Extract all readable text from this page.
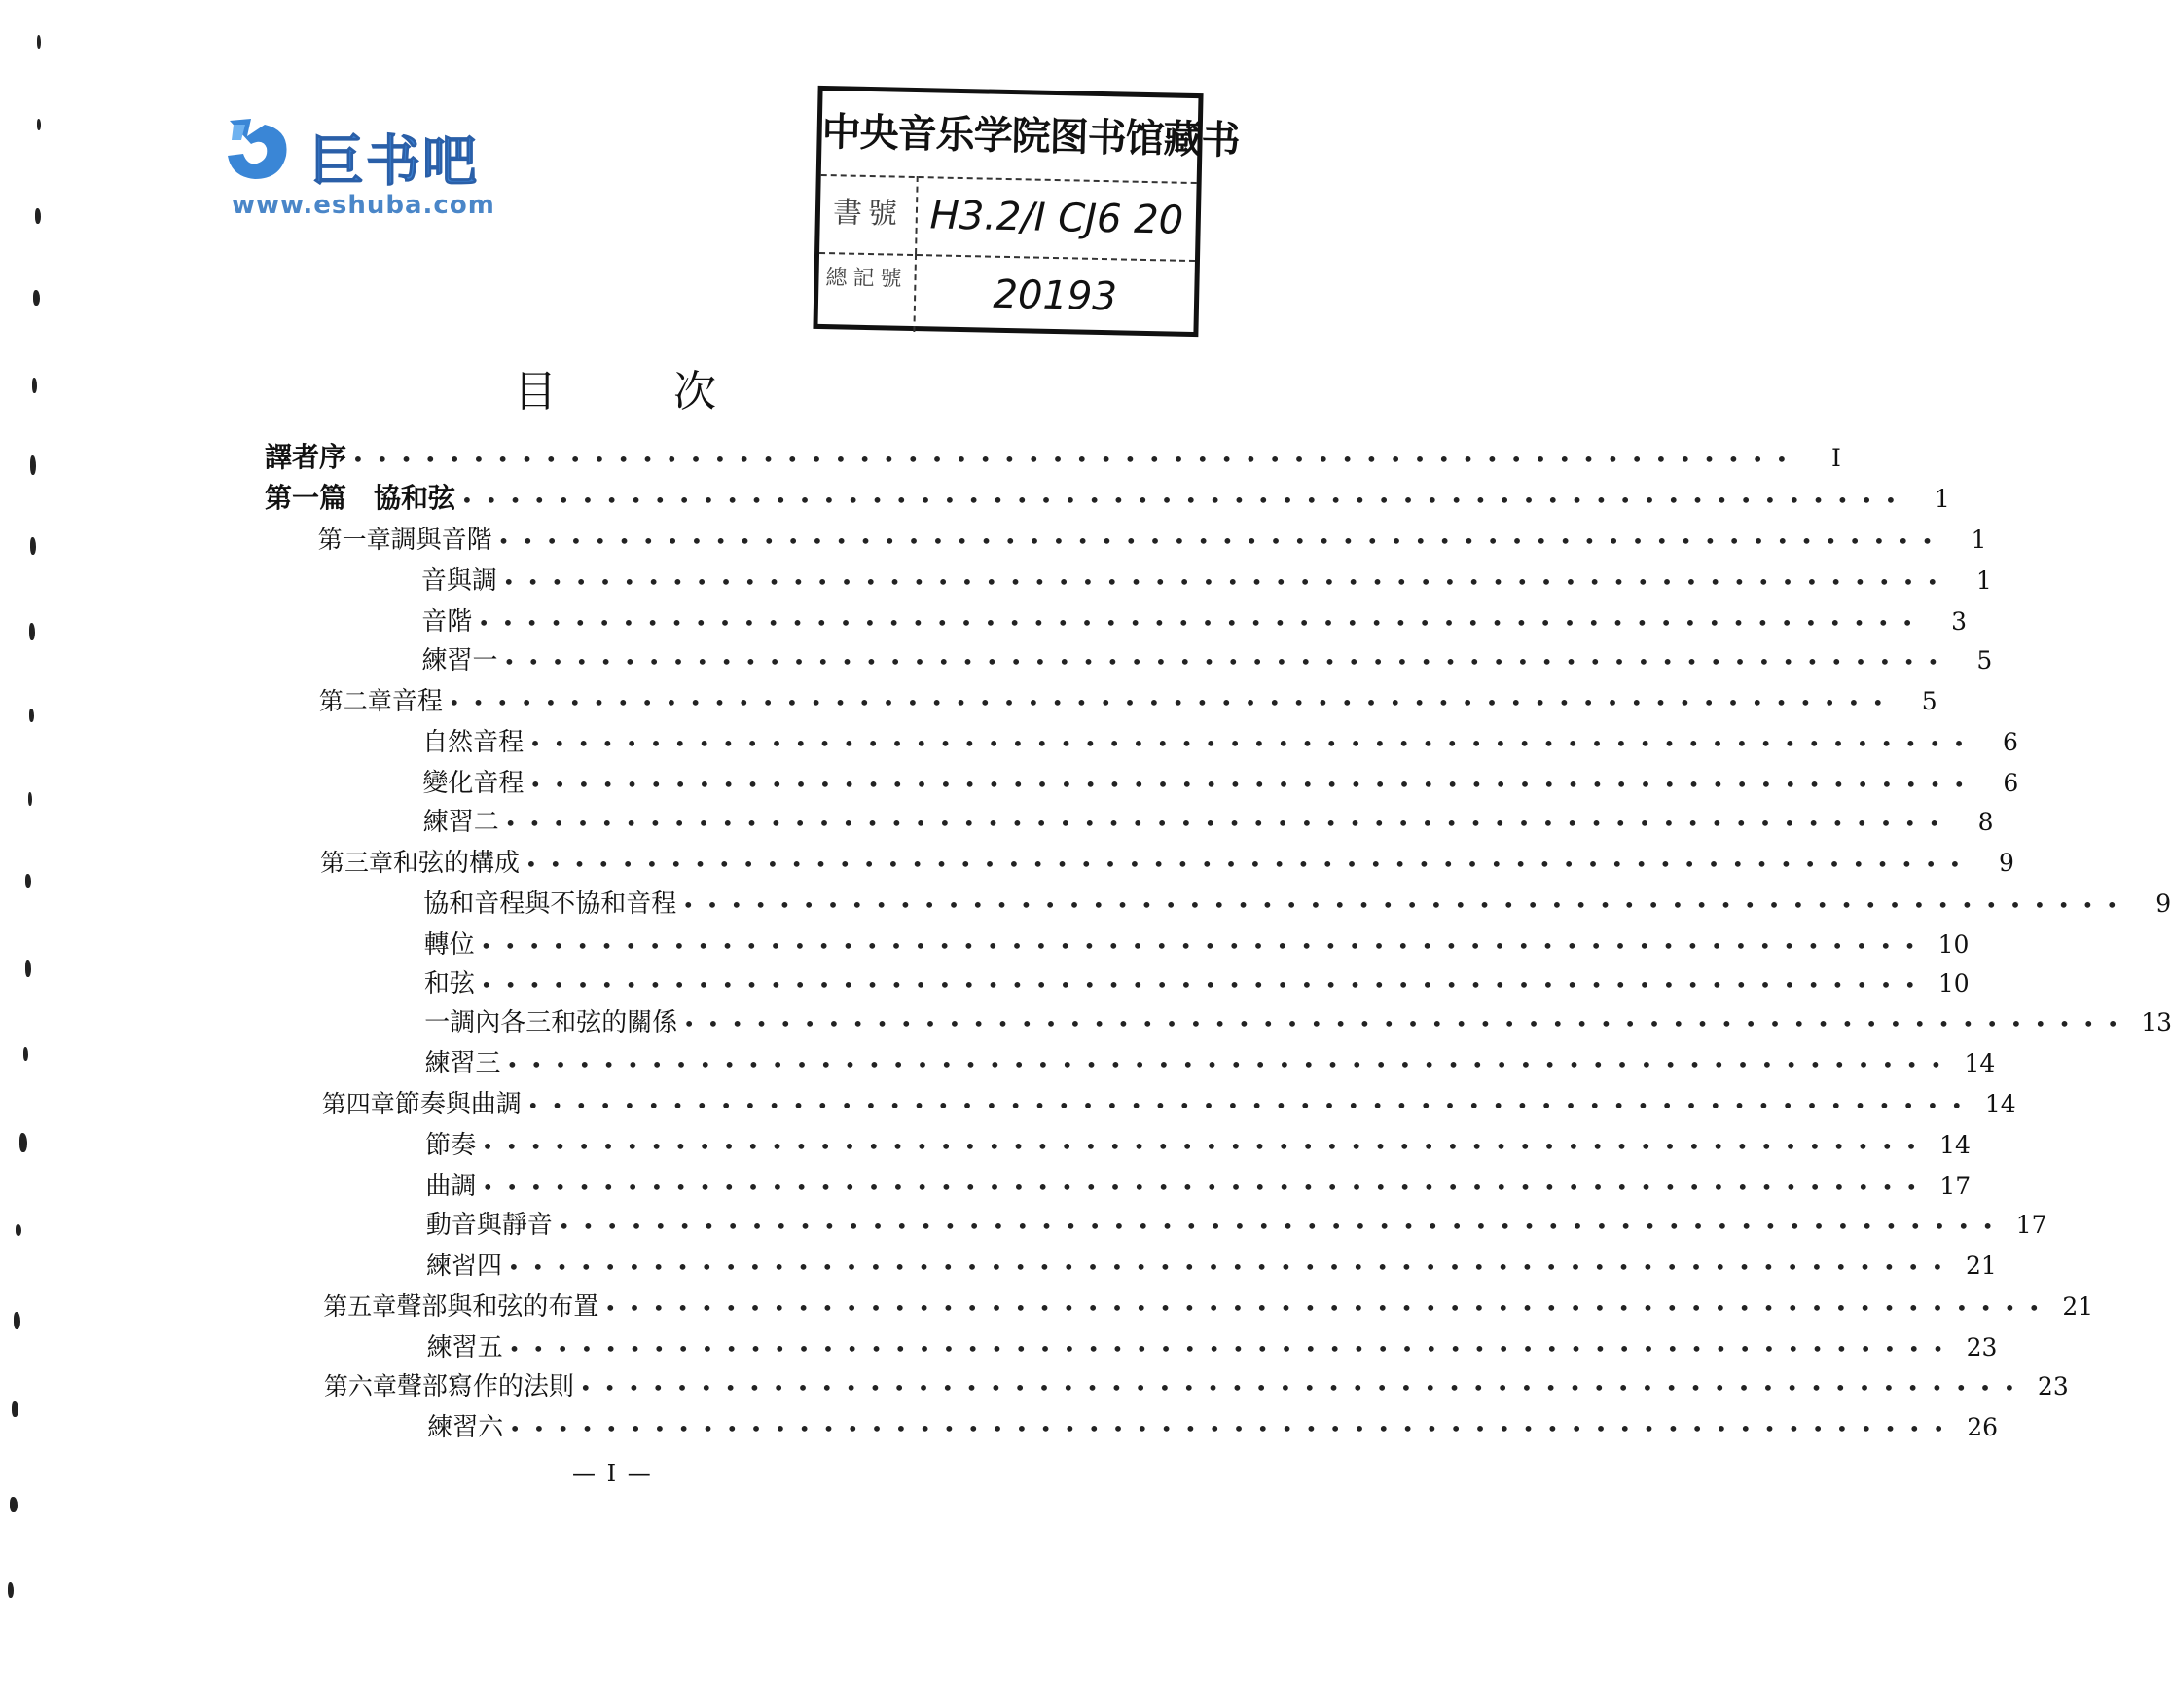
巨书吧
www.eshuba.com
中央音乐学院图书馆藏书
書號 H3.2/I CJ6 20
總記號	20193
目次
譯者序 ••••••••••••••••••••••••••••••••••••••••••••••••••••••••••••	I
第一篇　協和弦 ••••••••••••••••••••••••••••••••••••••••••••••••••••••••••••	1
第一章 調與音階 ••••••••••••••••••••••••••••••••••••••••••••••••••••••••••••	1
音與調 ••••••••••••••••••••••••••••••••••••••••••••••••••••••••••••	1
音階 ••••••••••••••••••••••••••••••••••••••••••••••••••••••••••••	3
練習一 ••••••••••••••••••••••••••••••••••••••••••••••••••••••••••••	5
第二章 音程 ••••••••••••••••••••••••••••••••••••••••••••••••••••••••••••	5
自然音程 ••••••••••••••••••••••••••••••••••••••••••••••••••••••••••••	6
變化音程 ••••••••••••••••••••••••••••••••••••••••••••••••••••••••••••	6
練習二 ••••••••••••••••••••••••••••••••••••••••••••••••••••••••••••	8
第三章 和弦的構成 ••••••••••••••••••••••••••••••••••••••••••••••••••••••••••••	9
協和音程與不協和音程 ••••••••••••••••••••••••••••••••••••••••••••••••••••••••••••	9
轉位 •••••••••••••••••••••••••••••••••••••••••••••••••••••••••••• 10
和弦 •••••••••••••••••••••••••••••••••••••••••••••••••••••••••••• 10
一調內各三和弦的關係 •••••••••••••••••••••••••••••••••••••••••••••••••••••••••••• 13
練習三 •••••••••••••••••••••••••••••••••••••••••••••••••••••••••••• 14
第四章 節奏與曲調 •••••••••••••••••••••••••••••••••••••••••••••••••••••••••••• 14
節奏 •••••••••••••••••••••••••••••••••••••••••••••••••••••••••••• 14
曲調 •••••••••••••••••••••••••••••••••••••••••••••••••••••••••••• 17
動音與靜音 •••••••••••••••••••••••••••••••••••••••••••••••••••••••••••• 17
練習四 •••••••••••••••••••••••••••••••••••••••••••••••••••••••••••• 21
第五章 聲部與和弦的布置 •••••••••••••••••••••••••••••••••••••••••••••••••••••••••••• 21
練習五 •••••••••••••••••••••••••••••••••••••••••••••••••••••••••••• 23
第六章 聲部寫作的法則 •••••••••••••••••••••••••••••••••••••••••••••••••••••••••••• 23
練習六 •••••••••••••••••••••••••••••••••••••••••••••••••••••••••••• 26
— I —
